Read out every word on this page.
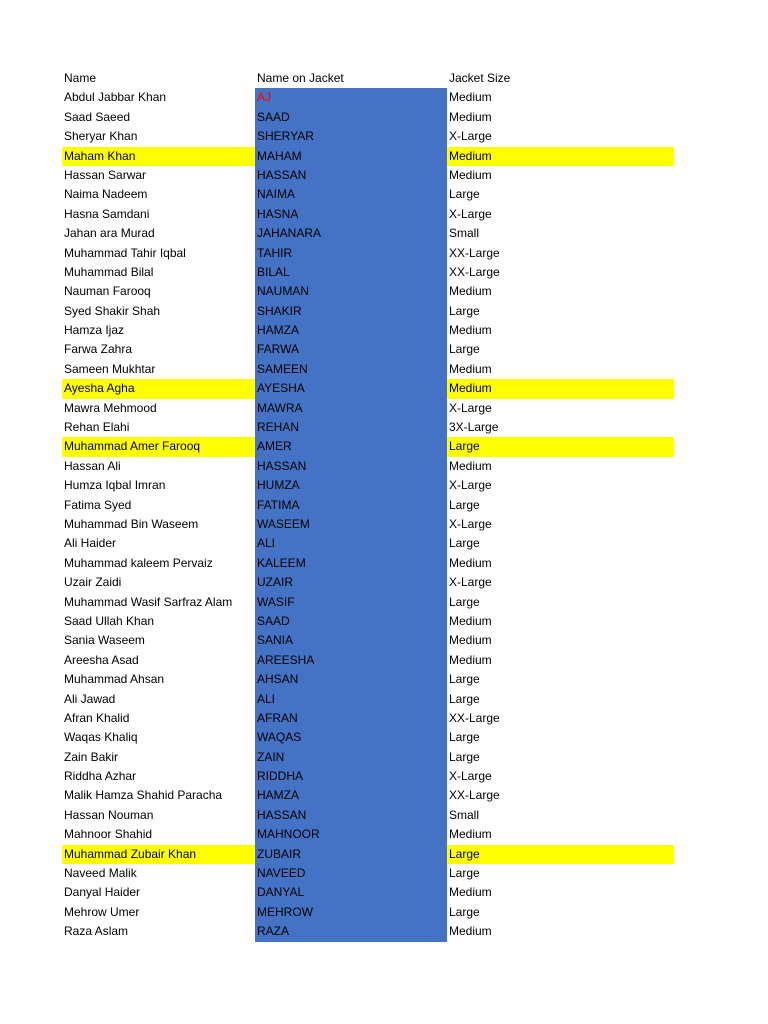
Name	Name on Jacket	Jacket Size
Abdul Jabbar Khan	AJ	Medium
Saad Saeed	SAAD	Medium
Sheryar Khan	SHERYAR	X-Large
Maham Khan	MAHAM	Medium
Hassan Sarwar	HASSAN	Medium
Naima Nadeem	NAIMA	Large
Hasna Samdani	HASNA	X-Large
Jahan ara Murad	JAHANARA	Small
Muhammad Tahir Iqbal	TAHIR	XX-Large
Muhammad Bilal	BILAL	XX-Large
Nauman Farooq	NAUMAN	Medium
Syed Shakir Shah	SHAKIR	Large
Hamza Ijaz	HAMZA	Medium
Farwa Zahra	FARWA	Large
Sameen Mukhtar	SAMEEN	Medium
Ayesha Agha	AYESHA	Medium
Mawra Mehmood	MAWRA	X-Large
Rehan Elahi	REHAN	3X-Large
Muhammad Amer Farooq	AMER	Large
Hassan Ali	HASSAN	Medium
Humza Iqbal Imran	HUMZA	X-Large
Fatima Syed	FATIMA	Large
Muhammad Bin Waseem	WASEEM	X-Large
Ali Haider	ALI	Large
Muhammad kaleem Pervaiz	KALEEM	Medium
Uzair Zaidi	UZAIR	X-Large
Muhammad Wasif Sarfraz Alam	WASIF	Large
Saad Ullah Khan	SAAD	Medium
Sania Waseem	SANIA	Medium
Areesha Asad	AREESHA	Medium
Muhammad Ahsan	AHSAN	Large
Ali Jawad	ALI	Large
Afran Khalid	AFRAN	XX-Large
Waqas Khaliq	WAQAS	Large
Zain Bakir	ZAIN	Large
Riddha Azhar	RIDDHA	X-Large
Malik Hamza Shahid Paracha	HAMZA	XX-Large
Hassan Nouman	HASSAN	Small
Mahnoor Shahid	MAHNOOR	Medium
Muhammad Zubair Khan	ZUBAIR	Large
Naveed Malik	NAVEED	Large
Danyal Haider	DANYAL	Medium
Mehrow Umer	MEHROW	Large
Raza Aslam	RAZA	Medium
